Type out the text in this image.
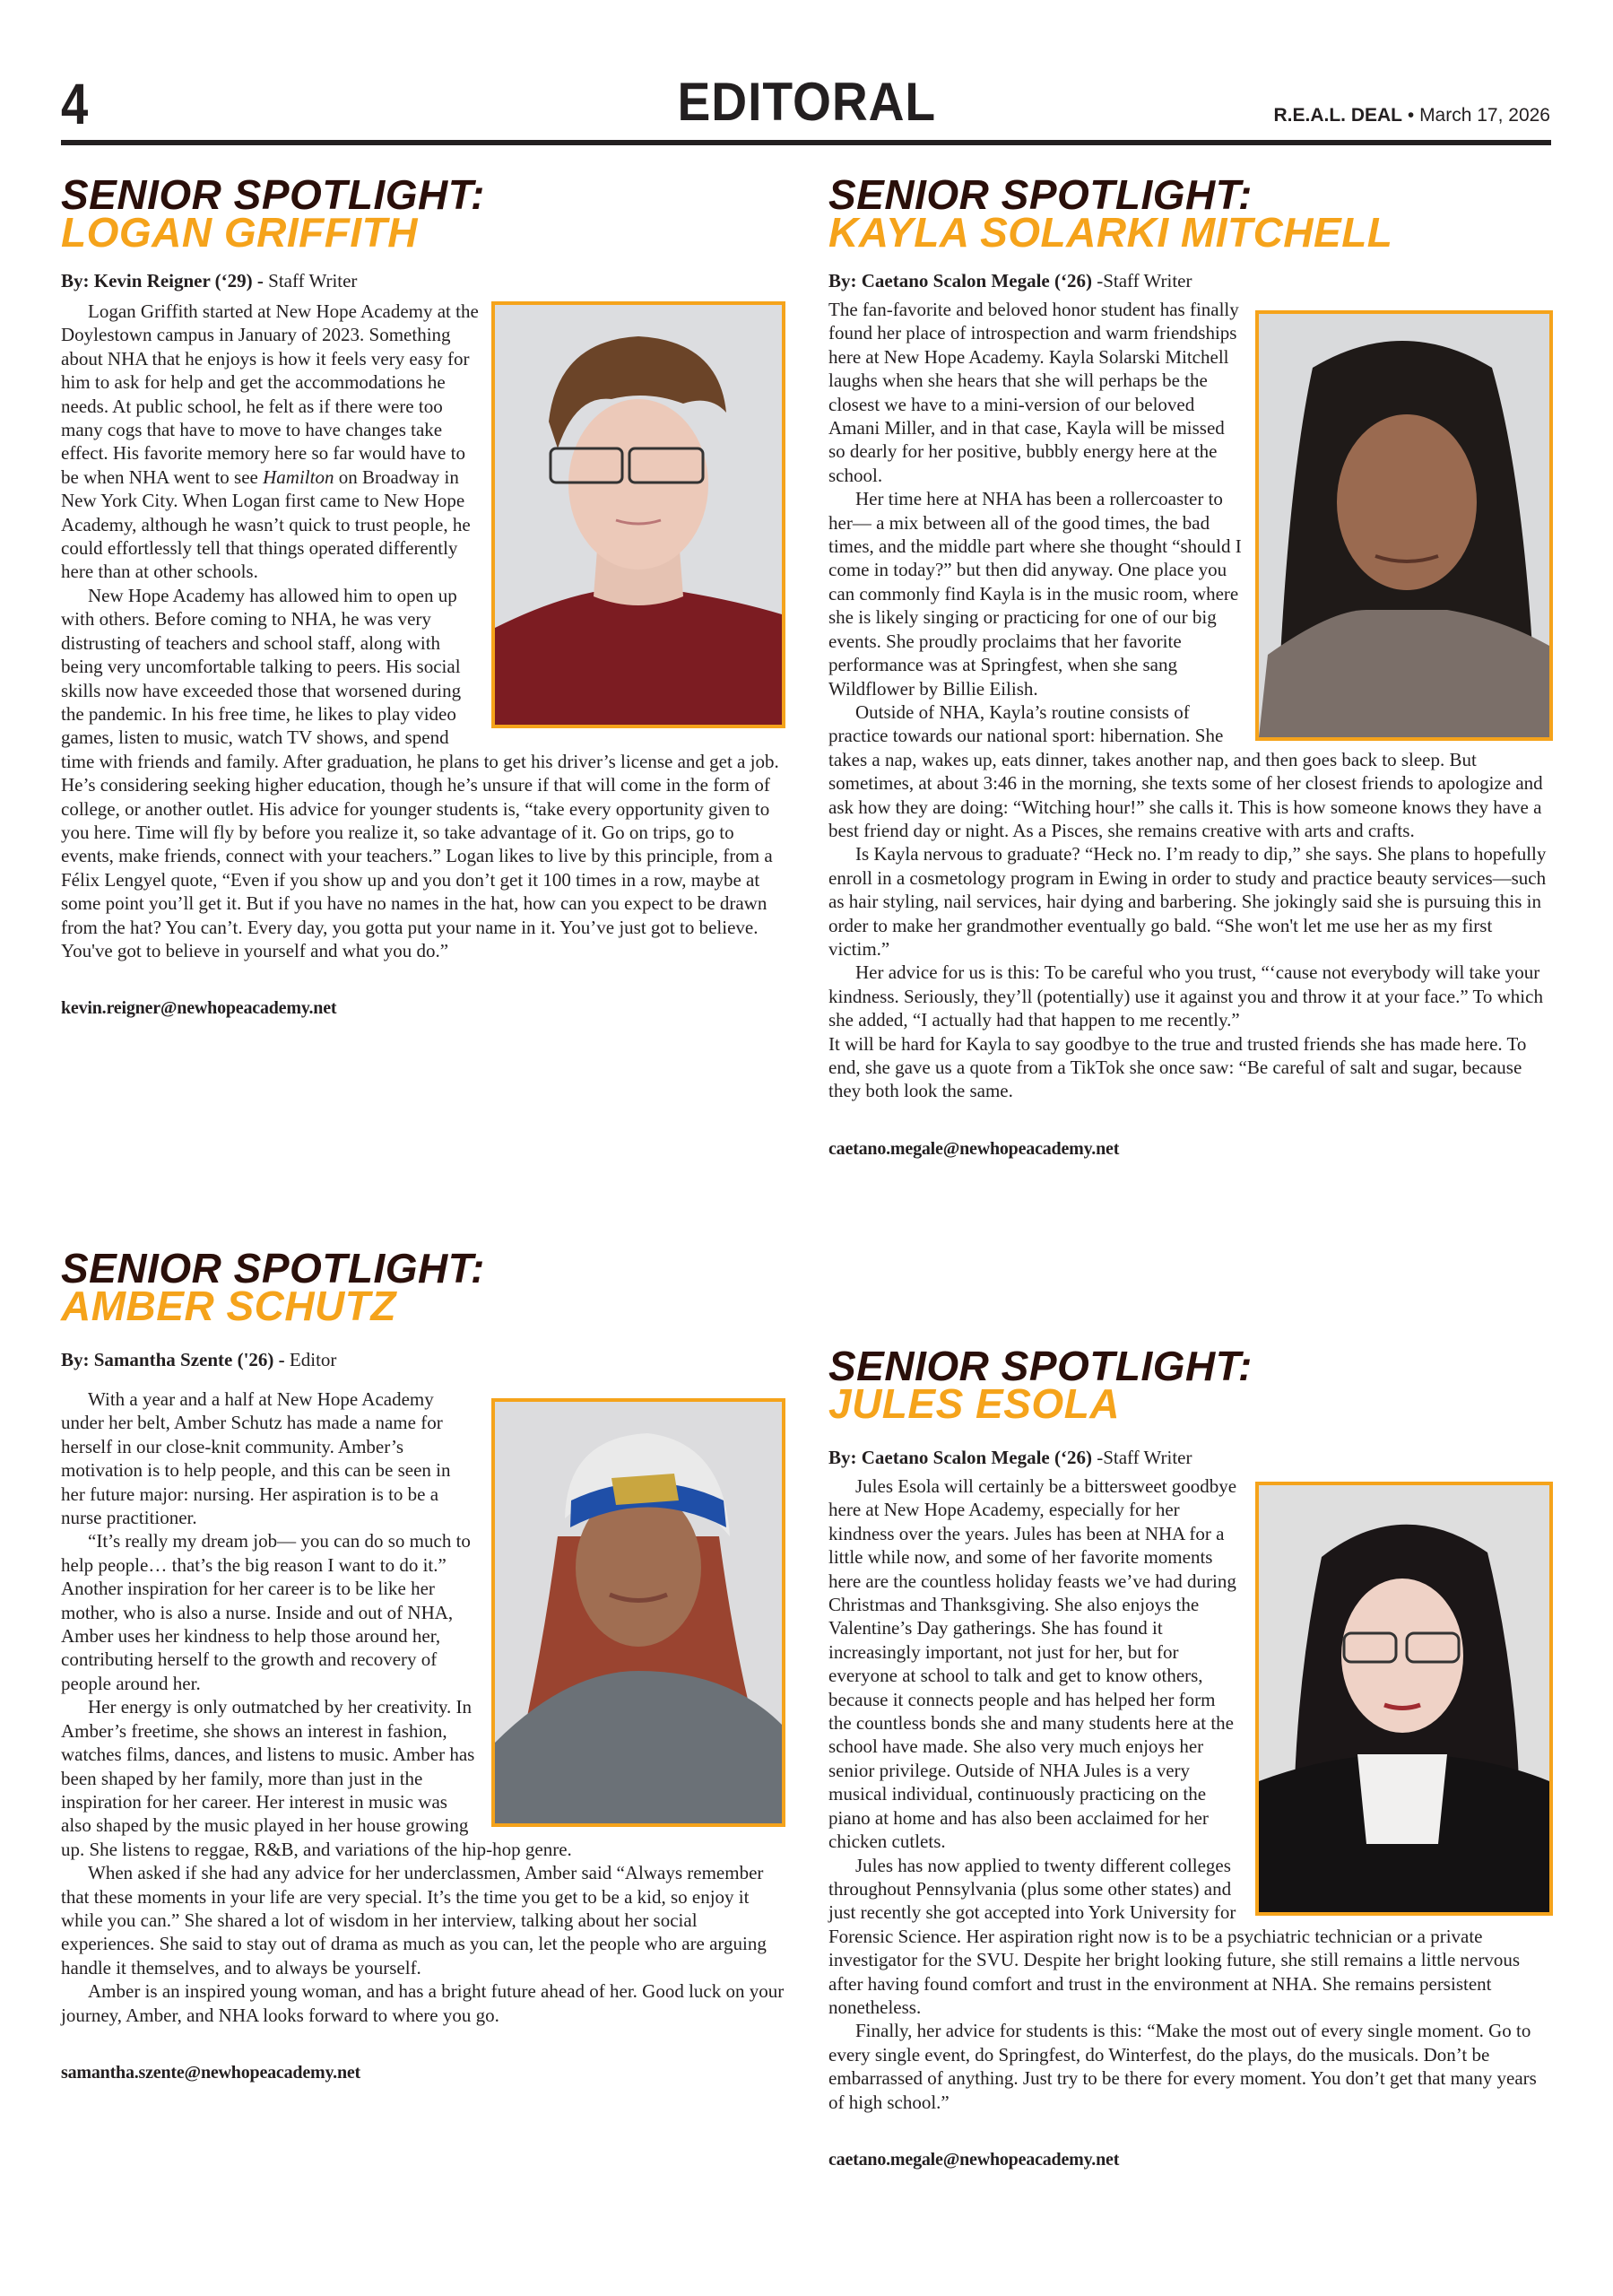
4	EDITORAL	R.E.A.L. DEAL • March 17, 2026
SENIOR SPOTLIGHT:
LOGAN GRIFFITH
By: Kevin Reigner (‘29) - Staff Writer

Logan Griffith started at New Hope Academy at the Doylestown campus in January of 2023. Something about NHA that he enjoys is how it feels very easy for him to ask for help and get the accommodations he needs. At public school, he felt as if there were too many cogs that have to move to have changes take effect. His favorite memory here so far would have to be when NHA went to see Hamilton on Broadway in New York City. When Logan first came to New Hope Academy, although he wasn’t quick to trust people, he could effortlessly tell that things operated differently here than at other schools.

New Hope Academy has allowed him to open up with others. Before coming to NHA, he was very distrusting of teachers and school staff, along with being very uncomfortable talking to peers. His social skills now have exceeded those that worsened during the pandemic. In his free time, he likes to play video games, listen to music, watch TV shows, and spend time with friends and family. After graduation, he plans to get his driver’s license and get a job. He’s considering seeking higher education, though he’s unsure if that will come in the form of college, or another outlet. His advice for younger students is, “take every opportunity given to you here. Time will fly by before you realize it, so take advantage of it. Go on trips, go to events, make friends, connect with your teachers.” Logan likes to live by this principle, from a Félix Lengyel quote, “Even if you show up and you don’t get it 100 times in a row, maybe at some point you’ll get it. But if you have no names in the hat, how can you expect to be drawn from the hat? You can’t. Every day, you gotta put your name in it. You’ve just got to believe. You've got to believe in yourself and what you do.”

kevin.reigner@newhopeacademy.net
SENIOR SPOTLIGHT:
KAYLA SOLARKI MITCHELL
By: Caetano Scalon Megale (‘26) -Staff Writer

The fan-favorite and beloved honor student has finally found her place of introspection and warm friendships here at New Hope Academy. Kayla Solarski Mitchell laughs when she hears that she will perhaps be the closest we have to a mini-version of our beloved Amani Miller, and in that case, Kayla will be missed so dearly for her positive, bubbly energy here at the school.

Her time here at NHA has been a rollercoaster to her— a mix between all of the good times, the bad times, and the middle part where she thought “should I come in today?” but then did anyway. One place you can commonly find Kayla is in the music room, where she is likely singing or practicing for one of our big events. She proudly proclaims that her favorite performance was at Springfest, when she sang Wildflower by Billie Eilish.

Outside of NHA, Kayla’s routine consists of practice towards our national sport: hibernation. She takes a nap, wakes up, eats dinner, takes another nap, and then goes back to sleep. But sometimes, at about 3:46 in the morning, she texts some of her closest friends to apologize and ask how they are doing: “Witching hour!” she calls it. This is how someone knows they have a best friend day or night. As a Pisces, she remains creative with arts and crafts.

Is Kayla nervous to graduate? “Heck no. I’m ready to dip,” she says. She plans to hopefully enroll in a cosmetology program in Ewing in order to study and practice beauty services—such as hair styling, nail services, hair dying and barbering. She jokingly said she is pursuing this in order to make her grandmother eventually go bald. “She won't let me use her as my first victim.”

Her advice for us is this: To be careful who you trust, “‘cause not everybody will take your kindness. Seriously, they’ll (potentially) use it against you and throw it at your face.” To which she added, “I actually had that happen to me recently.”

It will be hard for Kayla to say goodbye to the true and trusted friends she has made here. To end, she gave us a quote from a TikTok she once saw: “Be careful of salt and sugar, because they both look the same.

caetano.megale@newhopeacademy.net
SENIOR SPOTLIGHT:
AMBER SCHUTZ
By: Samantha Szente ('26) - Editor

With a year and a half at New Hope Academy under her belt, Amber Schutz has made a name for herself in our close-knit community. Amber’s motivation is to help people, and this can be seen in her future major: nursing. Her aspiration is to be a nurse practitioner.

“It’s really my dream job— you can do so much to help people… that’s the big reason I want to do it.” Another inspiration for her career is to be like her mother, who is also a nurse. Inside and out of NHA, Amber uses her kindness to help those around her, contributing herself to the growth and recovery of people around her.

Her energy is only outmatched by her creativity. In Amber’s freetime, she shows an interest in fashion, watches films, dances, and listens to music. Amber has been shaped by her family, more than just in the inspiration for her career. Her interest in music was also shaped by the music played in her house growing up. She listens to reggae, R&B, and variations of the hip-hop genre.

When asked if she had any advice for her underclassmen, Amber said “Always remember that these moments in your life are very special. It’s the time you get to be a kid, so enjoy it while you can.” She shared a lot of wisdom in her interview, talking about her social experiences. She said to stay out of drama as much as you can, let the people who are arguing handle it themselves, and to always be yourself.

Amber is an inspired young woman, and has a bright future ahead of her. Good luck on your journey, Amber, and NHA looks forward to where you go.

samantha.szente@newhopeacademy.net
SENIOR SPOTLIGHT:
JULES ESOLA
By: Caetano Scalon Megale (‘26) -Staff Writer

Jules Esola will certainly be a bittersweet goodbye here at New Hope Academy, especially for her kindness over the years. Jules has been at NHA for a little while now, and some of her favorite moments here are the countless holiday feasts we’ve had during Christmas and Thanksgiving. She also enjoys the Valentine’s Day gatherings. She has found it increasingly important, not just for her, but for everyone at school to talk and get to know others, because it connects people and has helped her form the countless bonds she and many students here at the school have made. She also very much enjoys her senior privilege. Outside of NHA Jules is a very musical individual, continuously practicing on the piano at home and has also been acclaimed for her chicken cutlets.

Jules has now applied to twenty different colleges throughout Pennsylvania (plus some other states) and just recently she got accepted into York University for Forensic Science. Her aspiration right now is to be a psychiatric technician or a private investigator for the SVU. Despite her bright looking future, she still remains a little nervous after having found comfort and trust in the environment at NHA. She remains persistent nonetheless.

Finally, her advice for students is this: “Make the most out of every single moment. Go to every single event, do Springfest, do Winterfest, do the plays, do the musicals. Don’t be embarrassed of anything. Just try to be there for every moment. You don’t get that many years of high school.”

caetano.megale@newhopeacademy.net
